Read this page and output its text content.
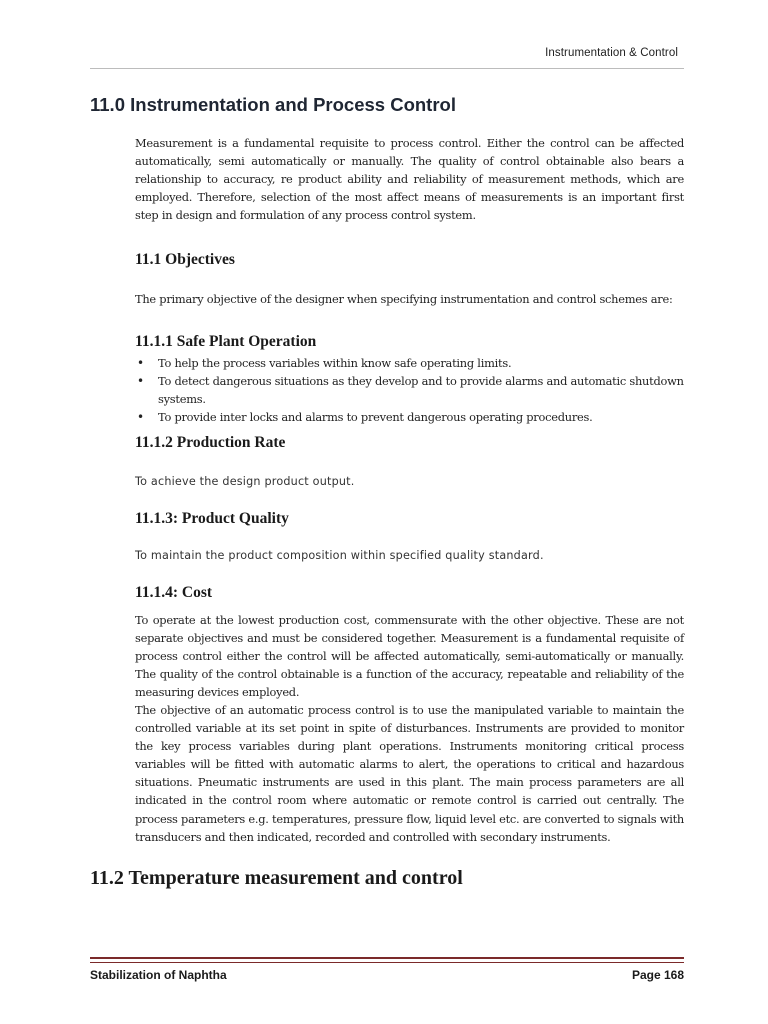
Instrumentation & Control
11.0 Instrumentation and Process Control

Measurement is a fundamental requisite to process control. Either the control can be affected automatically, semi automatically or manually. The quality of control obtainable also bears a relationship to accuracy, re product ability and reliability of measurement methods, which are employed. Therefore, selection of the most affect means of measurements is an important first step in design and formulation of any process control system.

11.1 Objectives

The primary objective of the designer when specifying instrumentation and control schemes are:

11.1.1 Safe Plant Operation
• To help the process variables within know safe operating limits.
• To detect dangerous situations as they develop and to provide alarms and automatic shutdown systems.
• To provide inter locks and alarms to prevent dangerous operating procedures.
11.1.2 Production Rate
To achieve the design product output.
11.1.3: Product Quality
To maintain the product composition within specified quality standard.
11.1.4: Cost

To operate at the lowest production cost, commensurate with the other objective. These are not separate objectives and must be considered together. Measurement is a fundamental requisite of process control either the control will be affected automatically, semi-automatically or manually. The quality of the control obtainable is a function of the accuracy, repeatable and reliability of the measuring devices employed.

The objective of an automatic process control is to use the manipulated variable to maintain the controlled variable at its set point in spite of disturbances. Instruments are provided to monitor the key process variables during plant operations. Instruments monitoring critical process variables will be fitted with automatic alarms to alert, the operations to critical and hazardous situations. Pneumatic instruments are used in this plant. The main process parameters are all indicated in the control room where automatic or remote control is carried out centrally. The process parameters e.g. temperatures, pressure flow, liquid level etc. are converted to signals with transducers and then indicated, recorded and controlled with secondary instruments.

11.2 Temperature measurement and control
Stabilization of Naphtha	Page 168
